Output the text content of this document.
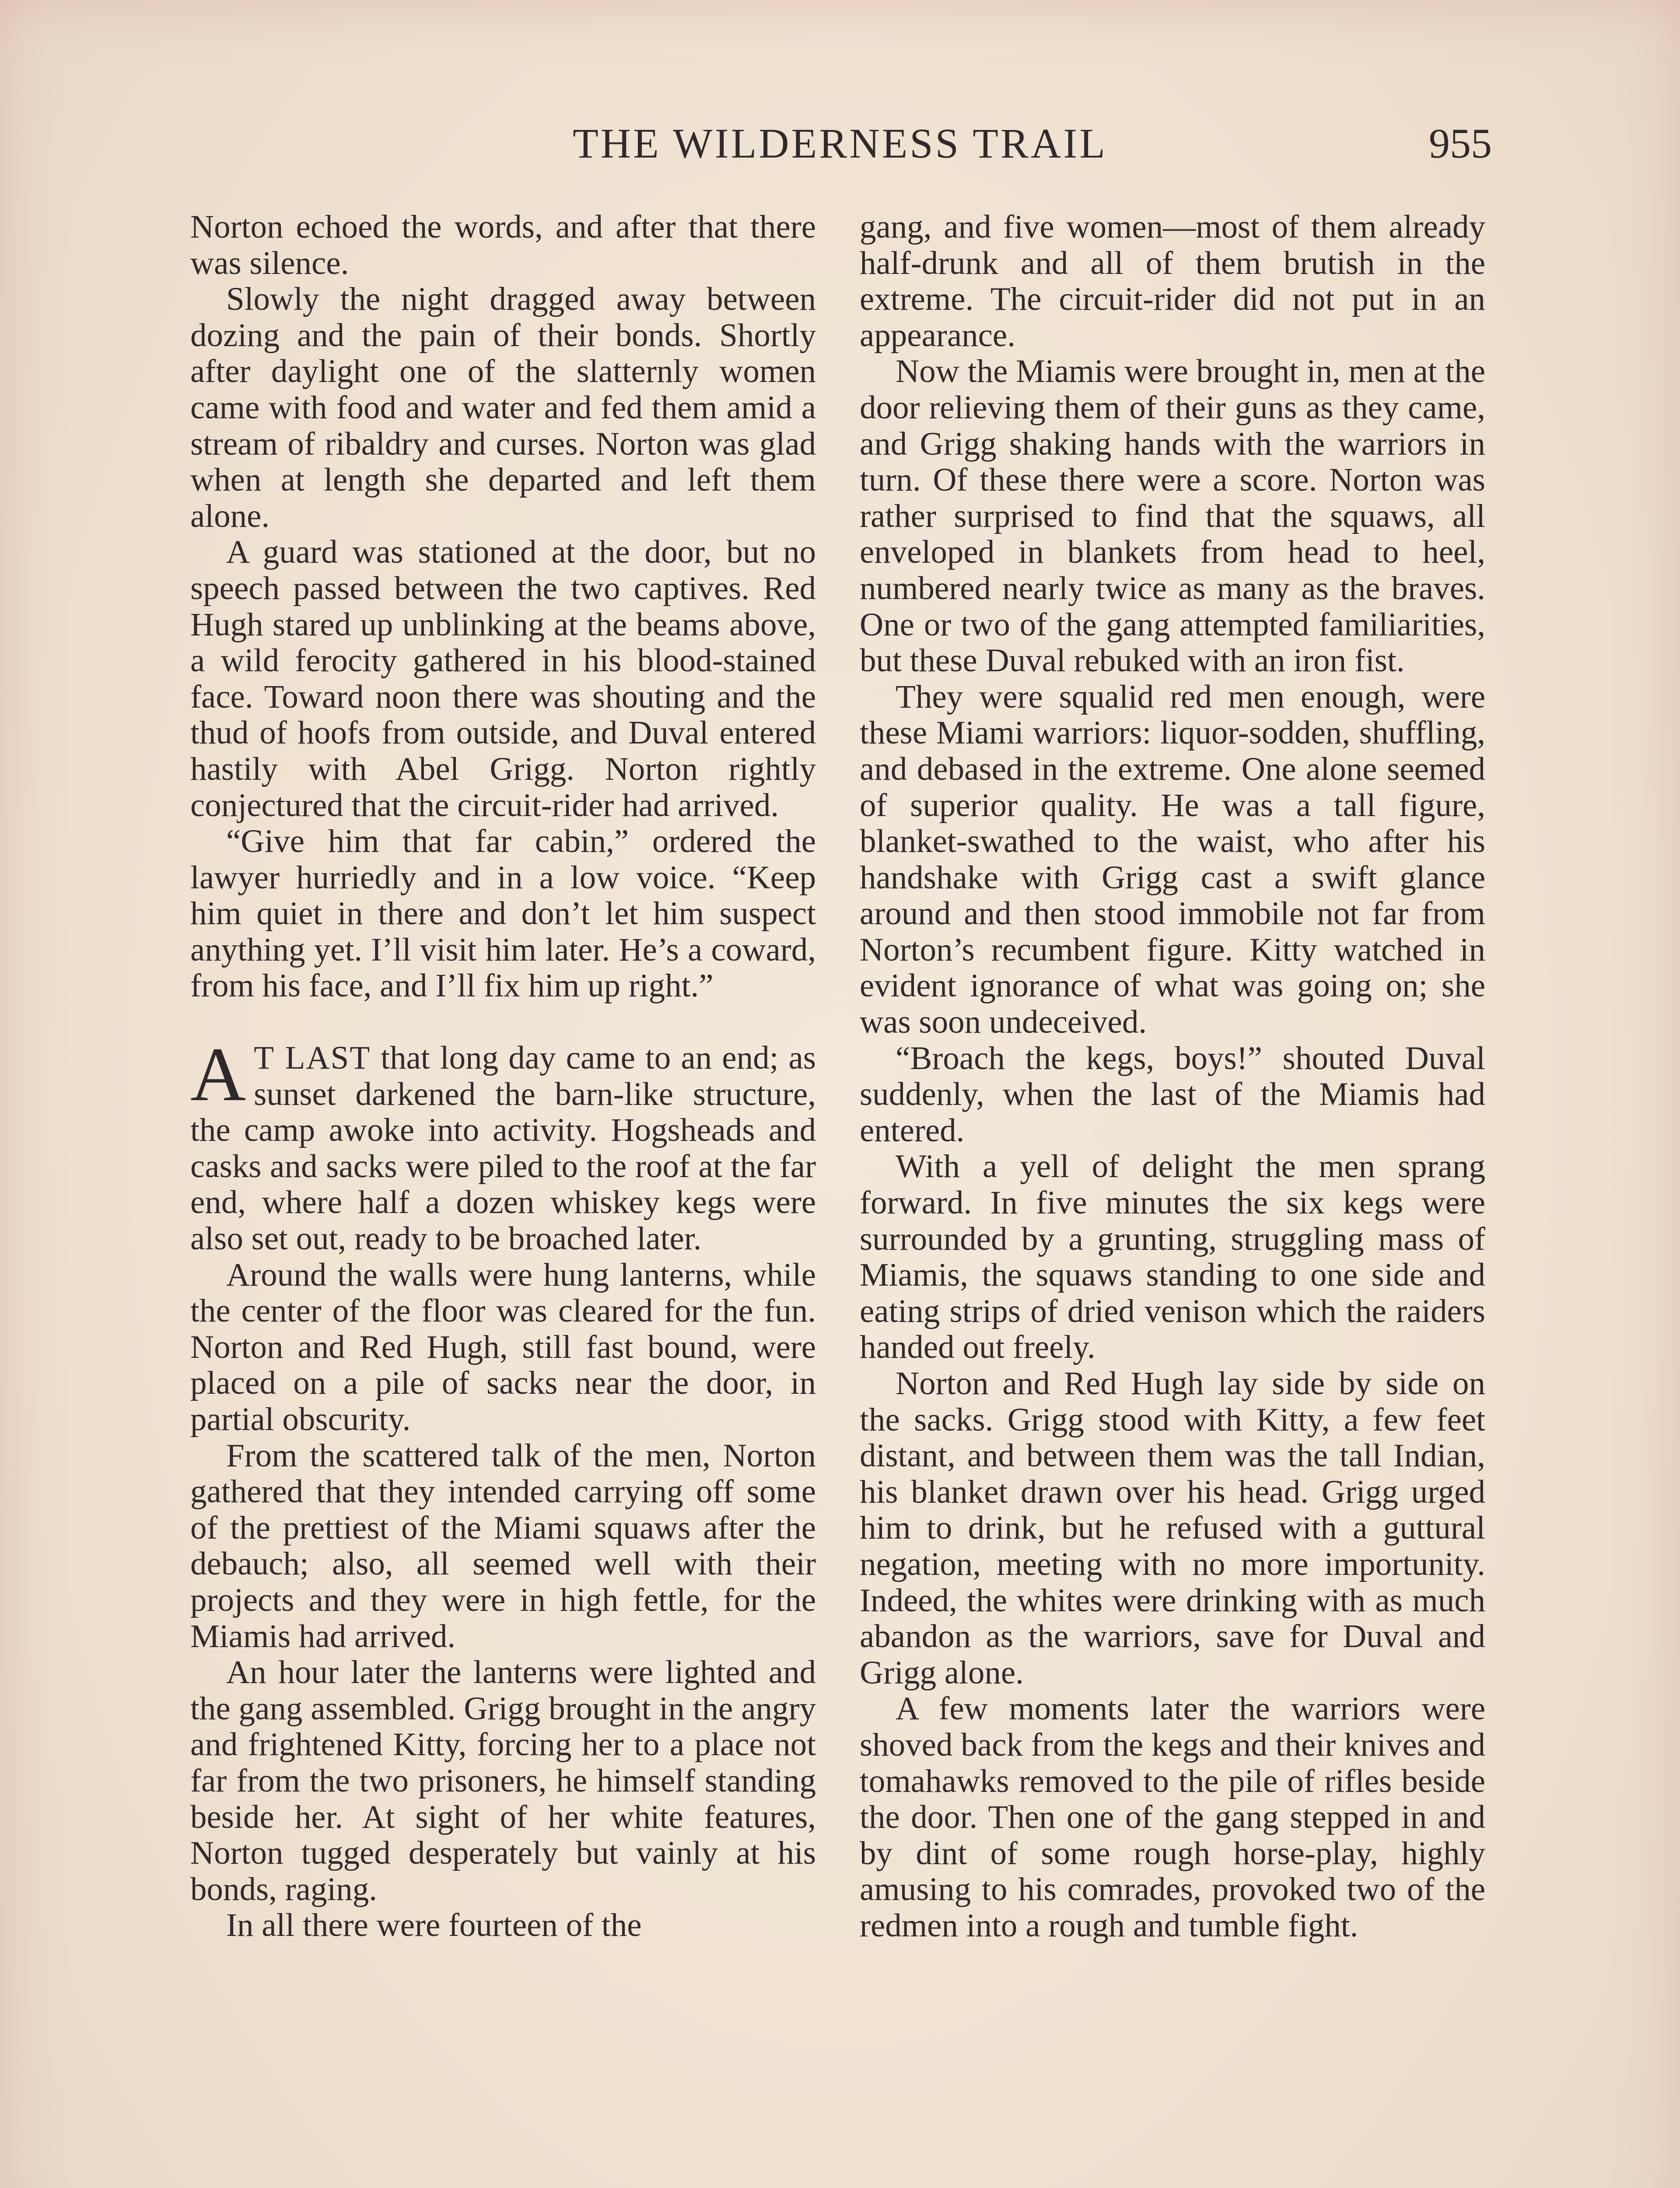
THE WILDERNESS TRAIL	955

Norton echoed the words, and after that there was silence.

Slowly the night dragged away between dozing and the pain of their bonds. Shortly after daylight one of the slatternly women came with food and water and fed them amid a stream of ribaldry and curses. Norton was glad when at length she departed and left them alone.

A guard was stationed at the door, but no speech passed between the two captives. Red Hugh stared up unblinking at the beams above, a wild ferocity gathered in his blood-stained face. Toward noon there was shouting and the thud of hoofs from outside, and Duval entered hastily with Abel Grigg. Norton rightly conjectured that the circuit-rider had arrived.

“Give him that far cabin,” ordered the lawyer hurriedly and in a low voice. “Keep him quiet in there and don’t let him suspect anything yet. I’ll visit him later. He’s a coward, from his face, and I’ll fix him up right.”

A T LAST that long day came to an end; as sunset darkened the barn-like structure, the camp awoke into activity. Hogsheads and casks and sacks were piled to the roof at the far end, where half a dozen whiskey kegs were also set out, ready to be broached later.

Around the walls were hung lanterns, while the center of the floor was cleared for the fun. Norton and Red Hugh, still fast bound, were placed on a pile of sacks near the door, in partial obscurity.

From the scattered talk of the men, Norton gathered that they intended carrying off some of the prettiest of the Miami squaws after the debauch; also, all seemed well with their projects and they were in high fettle, for the Miamis had arrived.

An hour later the lanterns were lighted and the gang assembled. Grigg brought in the angry and frightened Kitty, forcing her to a place not far from the two prisoners, he himself standing beside her. At sight of her white features, Norton tugged desperately but vainly at his bonds, raging.

In all there were fourteen of the

gang, and five women—most of them already half-drunk and all of them brutish in the extreme. The circuit-rider did not put in an appearance.

Now the Miamis were brought in, men at the door relieving them of their guns as they came, and Grigg shaking hands with the warriors in turn. Of these there were a score. Norton was rather surprised to find that the squaws, all enveloped in blankets from head to heel, numbered nearly twice as many as the braves. One or two of the gang attempted familiarities, but these Duval rebuked with an iron fist.

They were squalid red men enough, were these Miami warriors: liquor-sodden, shuffling, and debased in the extreme. One alone seemed of superior quality. He was a tall figure, blanket-swathed to the waist, who after his handshake with Grigg cast a swift glance around and then stood immobile not far from Norton’s recumbent figure. Kitty watched in evident ignorance of what was going on; she was soon undeceived.

“Broach the kegs, boys!” shouted Duval suddenly, when the last of the Miamis had entered.

With a yell of delight the men sprang forward. In five minutes the six kegs were surrounded by a grunting, struggling mass of Miamis, the squaws standing to one side and eating strips of dried venison which the raiders handed out freely.

Norton and Red Hugh lay side by side on the sacks. Grigg stood with Kitty, a few feet distant, and between them was the tall Indian, his blanket drawn over his head. Grigg urged him to drink, but he refused with a guttural negation, meeting with no more importunity. Indeed, the whites were drinking with as much abandon as the warriors, save for Duval and Grigg alone.

A few moments later the warriors were shoved back from the kegs and their knives and tomahawks removed to the pile of rifles beside the door. Then one of the gang stepped in and by dint of some rough horse-play, highly amusing to his comrades, provoked two of the redmen into a rough and tumble fight.
